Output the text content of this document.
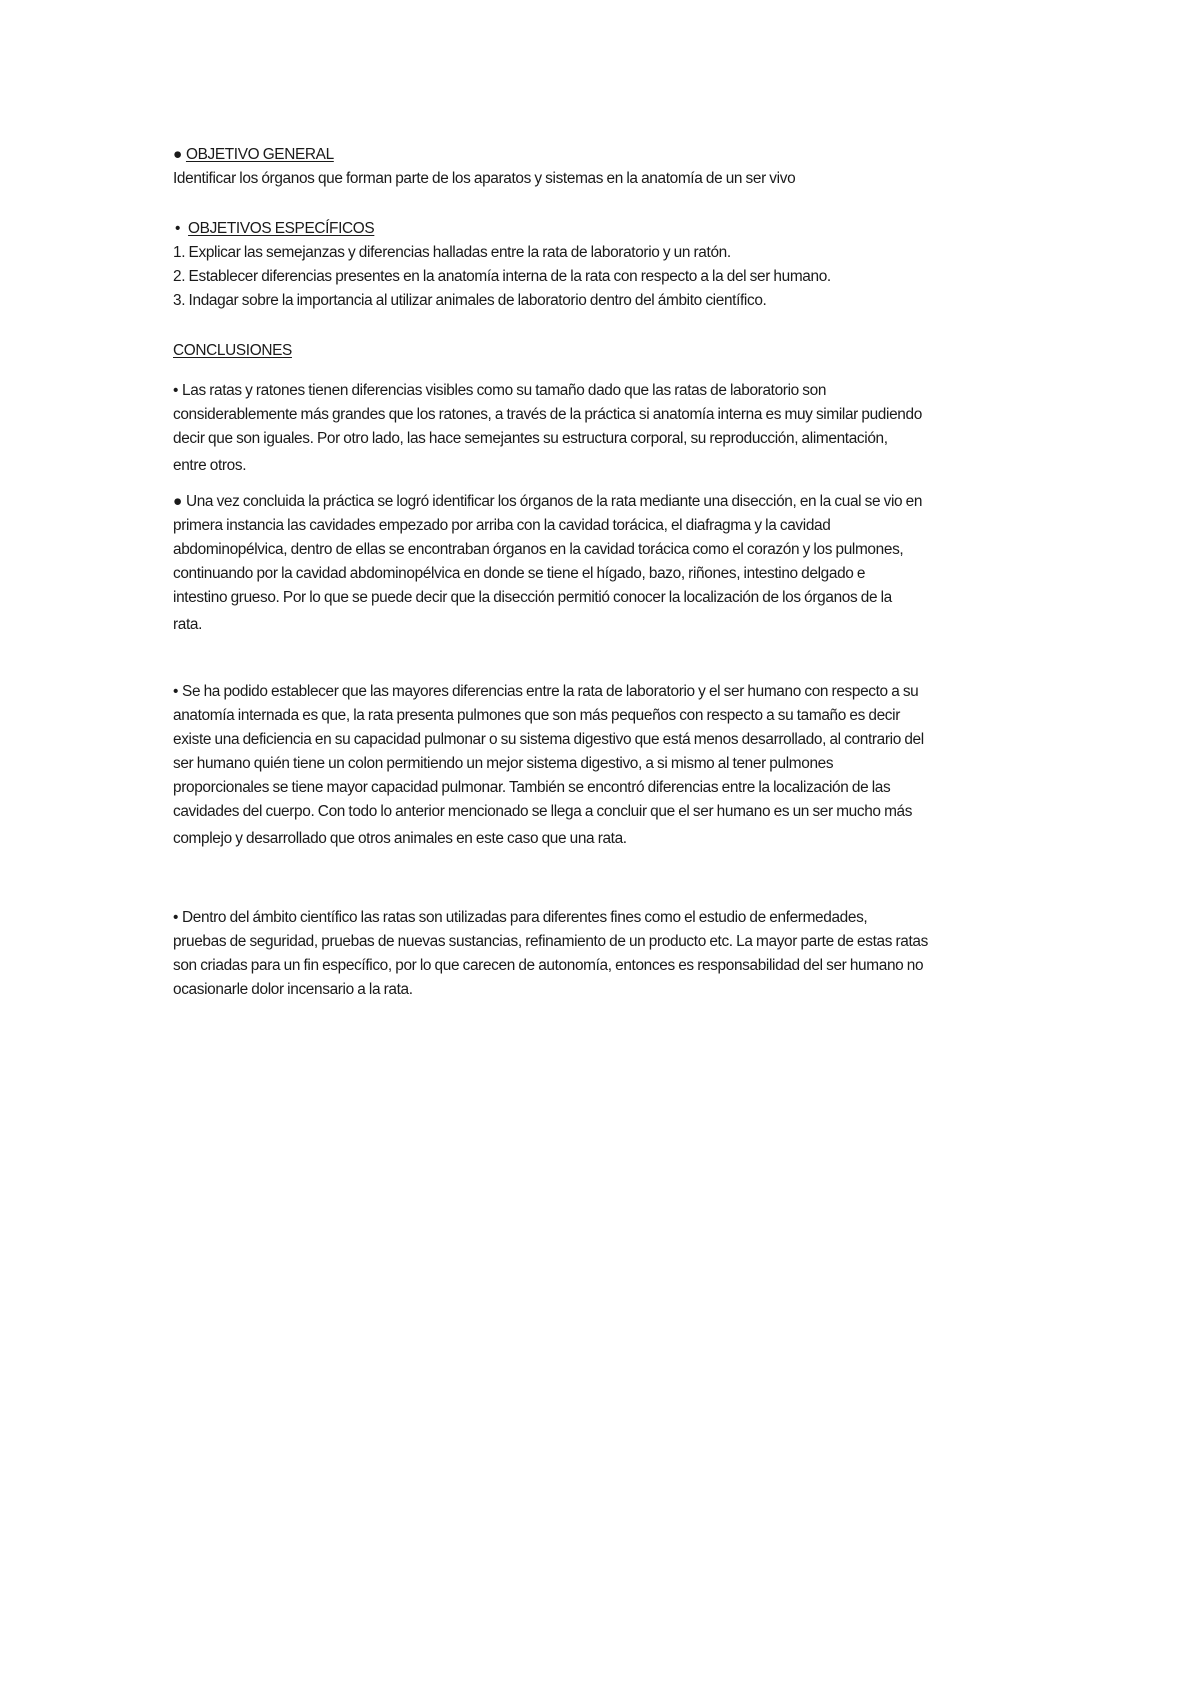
● OBJETIVO GENERAL

Identificar los órganos que forman parte de los aparatos y sistemas en la anatomía de un ser vivo

• OBJETIVOS ESPECÍFICOS

1. Explicar las semejanzas y diferencias halladas entre la rata de laboratorio y un ratón.

2. Establecer diferencias presentes en la anatomía interna de la rata con respecto a la del ser humano.

3. Indagar sobre la importancia al utilizar animales de laboratorio dentro del ámbito científico.

CONCLUSIONES

• Las ratas y ratones tienen diferencias visibles como su tamaño dado que las ratas de laboratorio son

considerablemente más grandes que los ratones, a través de la práctica si anatomía interna es muy similar pudiendo

decir que son iguales. Por otro lado, las hace semejantes su estructura corporal, su reproducción, alimentación,

entre otros.

● Una vez concluida la práctica se logró identificar los órganos de la rata mediante una disección, en la cual se vio en

primera instancia las cavidades empezado por arriba con la cavidad torácica, el diafragma y la cavidad

abdominopélvica, dentro de ellas se encontraban órganos en la cavidad torácica como el corazón y los pulmones,

continuando por la cavidad abdominopélvica en donde se tiene el hígado, bazo, riñones, intestino delgado e

intestino grueso. Por lo que se puede decir que la disección permitió conocer la localización de los órganos de la

rata.

• Se ha podido establecer que las mayores diferencias entre la rata de laboratorio y el ser humano con respecto a su

anatomía internada es que, la rata presenta pulmones que son más pequeños con respecto a su tamaño es decir

existe una deficiencia en su capacidad pulmonar o su sistema digestivo que está menos desarrollado, al contrario del

ser humano quién tiene un colon permitiendo un mejor sistema digestivo, a si mismo al tener pulmones

proporcionales se tiene mayor capacidad pulmonar. También se encontró diferencias entre la localización de las

cavidades del cuerpo. Con todo lo anterior mencionado se llega a concluir que el ser humano es un ser mucho más

complejo y desarrollado que otros animales en este caso que una rata.

• Dentro del ámbito científico las ratas son utilizadas para diferentes fines como el estudio de enfermedades,

pruebas de seguridad, pruebas de nuevas sustancias, refinamiento de un producto etc. La mayor parte de estas ratas

son criadas para un fin específico, por lo que carecen de autonomía, entonces es responsabilidad del ser humano no

ocasionarle dolor incensario a la rata.
